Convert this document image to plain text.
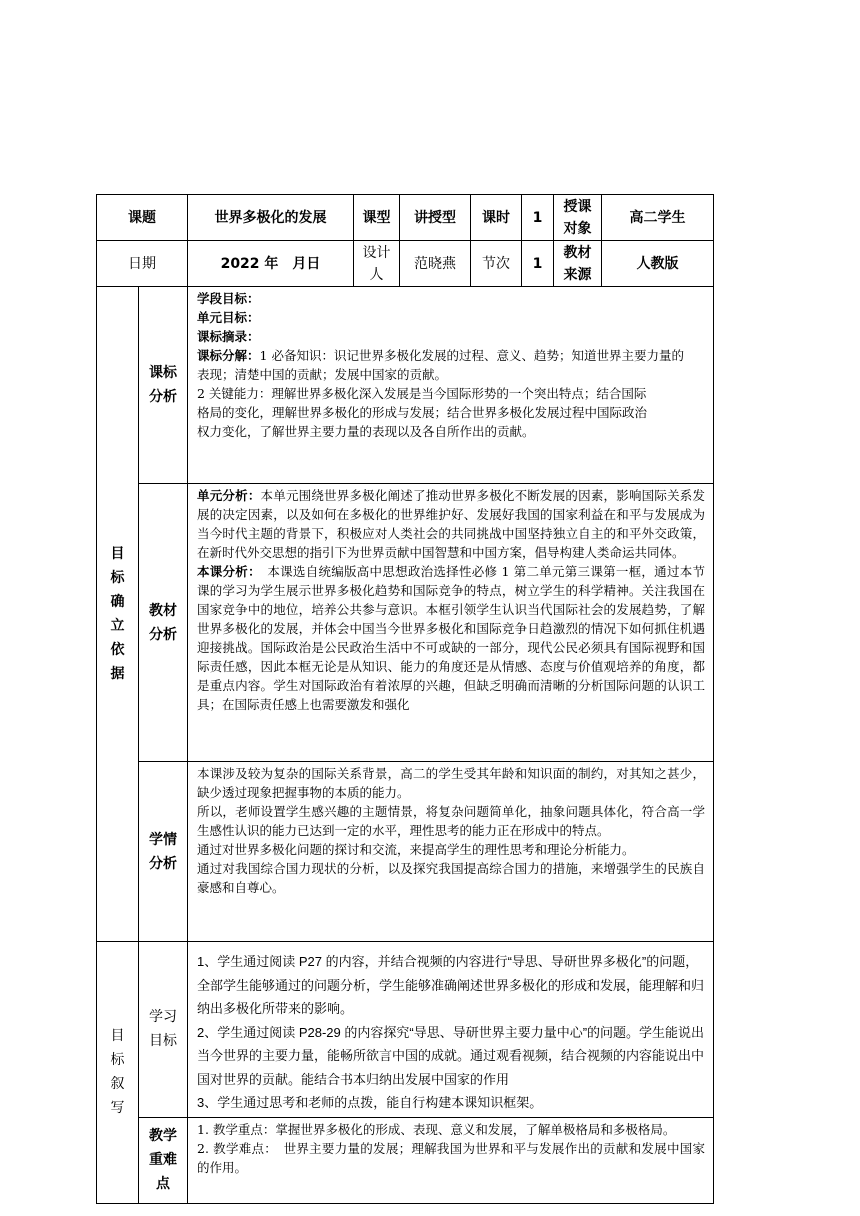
课题		世界多极化的发展	课型	讲授型	课时	1	授课对象	高二学生
日期		2022 年　月日	设计人	范晓燕	节次	1	教材来源	人教版
目标确立依据	课标分析	学段目标：

单元目标：

课标摘录：

课标分解：1 必备知识：识记世界多极化发展的过程、意义、趋势；知道世界主要力量的表现；清楚中国的贡献；发展中国家的贡献。

2 关键能力：理解世界多极化深入发展是当今国际形势的一个突出特点；结合国际格局的变化，理解世界多极化的形成与发展；结合世界多极化发展过程中国际政治权力变化，了解世界主要力量的表现以及各自所作出的贡献。						

	教材分析	单元分析：本单元围绕世界多极化阐述了推动世界多极化不断发展的因素，影响国际关系发展的决定因素，以及如何在多极化的世界维护好、发展好我国的国家利益在和平与发展成为当今时代主题的背景下，积极应对人类社会的共同挑战中国坚持独立自主的和平外交政策，在新时代外交思想的指引下为世界贡献中国智慧和中国方案，倡导构建人类命运共同体。

本课分析：　 本课选自统编版高中思想政治选择性必修 1 第二单元第三课第一框，通过本节课的学习为学生展示世界多极化趋势和国际竞争的特点，树立学生的科学精神。关注我国在国家竞争中的地位，培养公共参与意识。本框引领学生认识当代国际社会的发展趋势，了解世界多极化的发展，并体会中国当今世界多极化和国际竞争日趋激烈的情况下如何抓住机遇迎接挑战。国际政治是公民政治生活中不可或缺的一部分，现代公民必须具有国际视野和国际责任感，因此本框无论是从知识、能力的角度还是从情感、态度与价值观培养的角度，都是重点内容。学生对国际政治有着浓厚的兴趣，但缺乏明确而清晰的分析国际问题的认识工具；在国际责任感上也需要激发和强化						

	学情分析	本课涉及较为复杂的国际关系背景，高二的学生受其年龄和知识面的制约，对其知之甚少，缺少透过现象把握事物的本质的能力。

所以，老师设置学生感兴趣的主题情景，将复杂问题简单化，抽象问题具体化，符合高一学生感性认识的能力已达到一定的水平，理性思考的能力正在形成中的特点。

通过对世界多极化问题的探讨和交流，来提高学生的理性思考和理论分析能力。

通过对我国综合国力现状的分析，以及探究我国提高综合国力的措施，来增强学生的民族自豪感和自尊心。						

目标叙写	学习目标	1、学生通过阅读 P27 的内容，并结合视频的内容进行“导思、导研世界多极化”的问题，全部学生能够通过的问题分析，学生能够准确阐述世界多极化的形成和发展，能理解和归纳出多极化所带来的影响。

2、学生通过阅读 P28-29 的内容探究“导思、导研世界主要力量中心”的问题。学生能说出当今世界的主要力量，能畅所欲言中国的成就。通过观看视频，结合视频的内容能说出中国对世界的贡献。能结合书本归纳出发展中国家的作用

3、学生通过思考和老师的点拨，能自行构建本课知识框架。						

	教学重难点	1. 教学重点：掌握世界多极化的形成、表现、意义和发展，了解单极格局和多极格局。

2. 教学难点：　世界主要力量的发展；理解我国为世界和平与发展作出的贡献和发展中国家的作用。						
